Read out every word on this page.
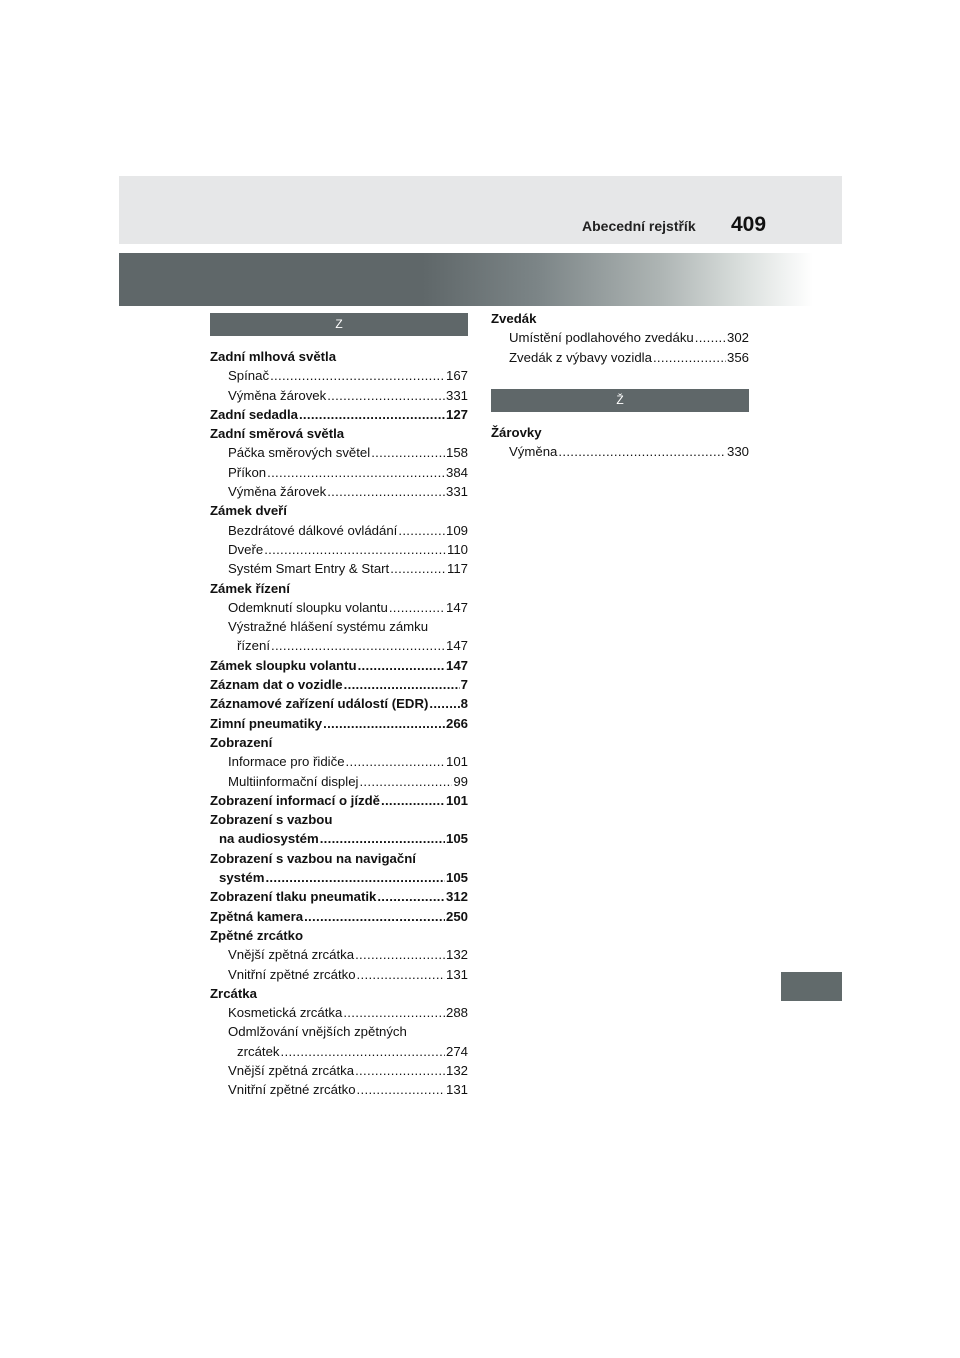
Abecední rejstřík 409
Z
Zadní mlhová světla
Spínač .....	167
Výměna žárovek .....	331
Zadní sedadla .....	127
Zadní směrová světla
Páčka směrových světel .....	158
Příkon .....	384
Výměna žárovek .....	331
Zámek dveří
Bezdrátové dálkové ovládání .....	109
Dveře .....	110
Systém Smart Entry & Start .....	117
Zámek řízení
Odemknutí sloupku volantu .....	147
Výstražné hlášení systému zámku
řízení .....	147
Zámek sloupku volantu .....	147
Záznam dat o vozidle .....	7
Záznamové zařízení událostí (EDR) ..... 8
Zimní pneumatiky .....	266
Zobrazení
Informace pro řidiče .....	101
Multiinformační displej .....	99
Zobrazení informací o jízdě .....	101
Zobrazení s vazbou
na audiosystém .....	105
Zobrazení s vazbou na navigační
systém .....	105
Zobrazení tlaku pneumatik .....	312
Zpětná kamera .....	250
Zpětné zrcátko
Vnější zpětná zrcátka .....	132
Vnitřní zpětné zrcátko .....	131
Zrcátka
Kosmetická zrcátka .....	288
Odmlžování vnějších zpětných
zrcátek .....	274
Vnější zpětná zrcátka .....	132
Vnitřní zpětné zrcátko .....	131
Zvedák
Umístění podlahového zvedáku .....	302
Zvedák z výbavy vozidla .....	356
Ž
Žárovky
Výměna .....	330
